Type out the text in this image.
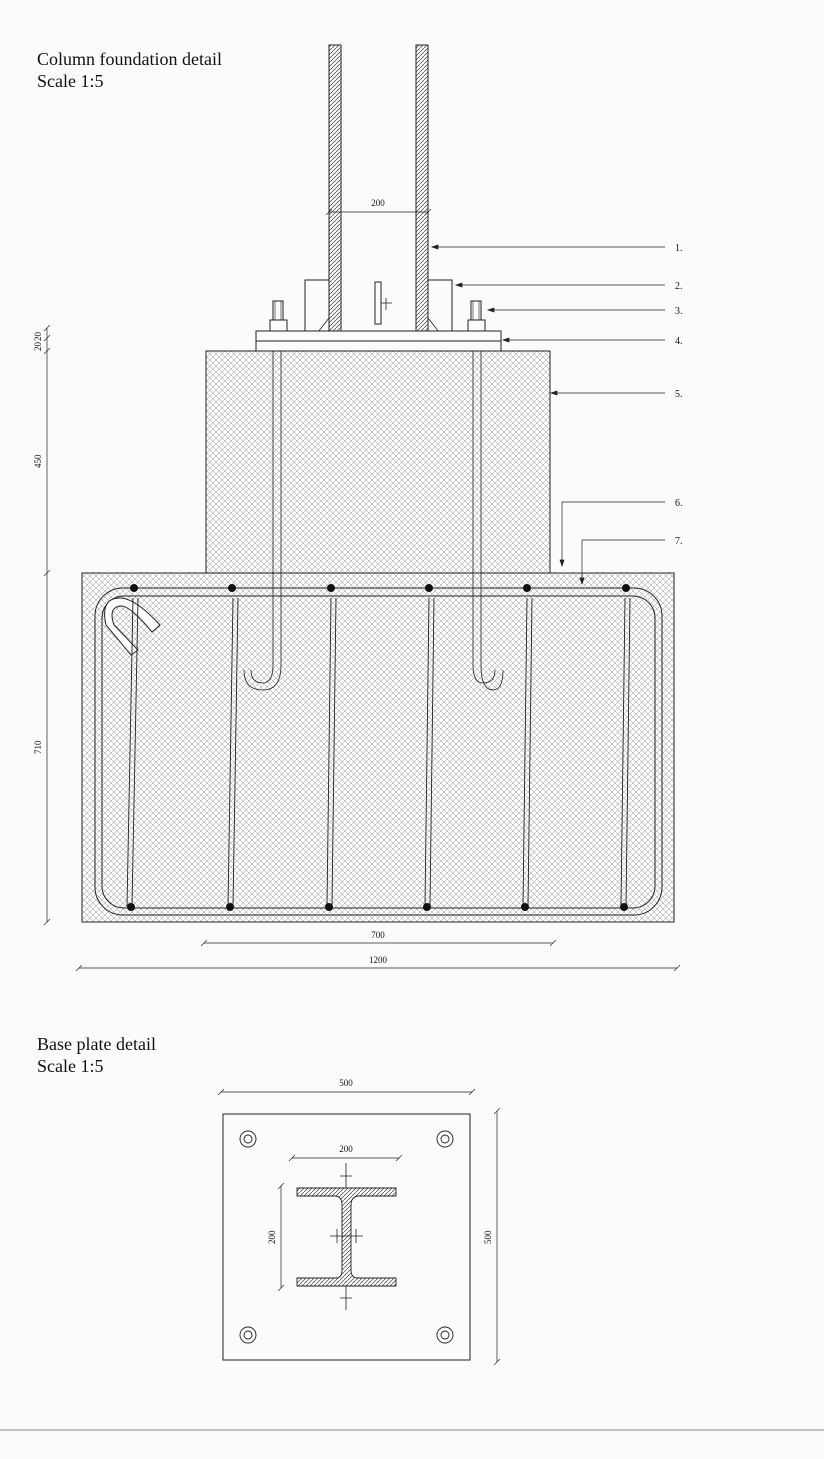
Column foundation detail
Scale 1:5
Base plate detail
Scale 1:5
200
20
20
450
710
700
1200
1.
2.
3.
4.
5.
6.
7.
500
500
200
200
